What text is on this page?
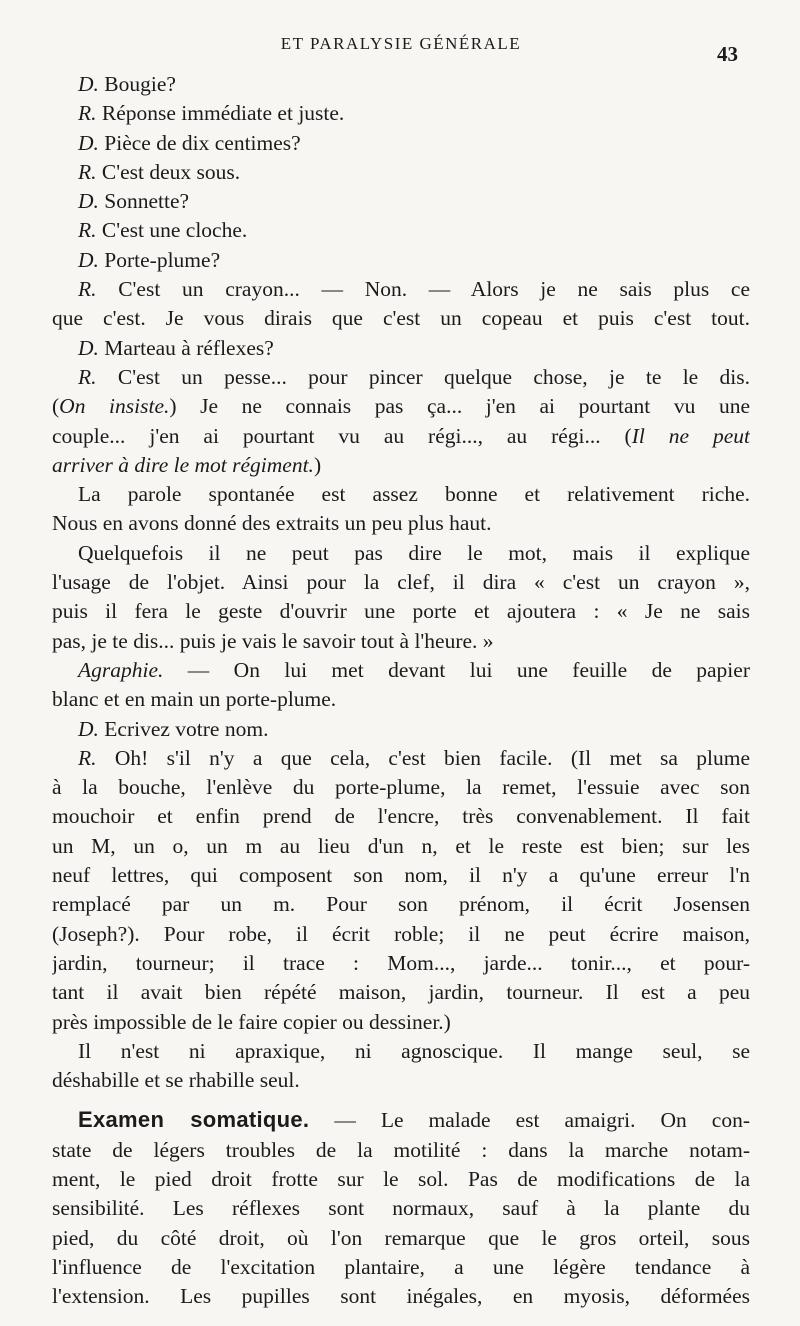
ET PARALYSIE GÉNÉRALE	43
D. Bougie?
R. Réponse immédiate et juste.
D. Pièce de dix centimes?
R. C'est deux sous.
D. Sonnette?
R. C'est une cloche.
D. Porte-plume?
R. C'est un crayon... — Non. — Alors je ne sais plus ce
que c'est. Je vous dirais que c'est un copeau et puis c'est tout.
D. Marteau à réflexes?
R. C'est un pesse... pour pincer quelque chose, je te le dis.
(On insiste.) Je ne connais pas ça... j'en ai pourtant vu une
couple... j'en ai pourtant vu au régi..., au régi... (Il ne peut
arriver à dire le mot régiment.)
La parole spontanée est assez bonne et relativement riche.
Nous en avons donné des extraits un peu plus haut.
Quelquefois il ne peut pas dire le mot, mais il explique
l'usage de l'objet. Ainsi pour la clef, il dira « c'est un crayon »,
puis il fera le geste d'ouvrir une porte et ajoutera : « Je ne sais
pas, je te dis... puis je vais le savoir tout à l'heure. »
Agraphie. — On lui met devant lui une feuille de papier
blanc et en main un porte-plume.
D. Ecrivez votre nom.
R. Oh! s'il n'y a que cela, c'est bien facile. (Il met sa plume
à la bouche, l'enlève du porte-plume, la remet, l'essuie avec son
mouchoir et enfin prend de l'encre, très convenablement. Il fait
un M, un o, un m au lieu d'un n, et le reste est bien; sur les
neuf lettres, qui composent son nom, il n'y a qu'une erreur l'n
remplacé par un m. Pour son prénom, il écrit Josensen
(Joseph?). Pour robe, il écrit roble; il ne peut écrire maison,
jardin, tourneur; il trace : Mom..., jarde... tonir..., et pour-
tant il avait bien répété maison, jardin, tourneur. Il est a peu
près impossible de le faire copier ou dessiner.)
Il n'est ni apraxique, ni agnoscique. Il mange seul, se
déshabille et se rhabille seul.
Examen somatique. — Le malade est amaigri. On con-
state de légers troubles de la motilité : dans la marche notam-
ment, le pied droit frotte sur le sol. Pas de modifications de la
sensibilité. Les réflexes sont normaux, sauf à la plante du
pied, du côté droit, où l'on remarque que le gros orteil, sous
l'influence de l'excitation plantaire, a une légère tendance à
l'extension. Les pupilles sont inégales, en myosis, déformées
